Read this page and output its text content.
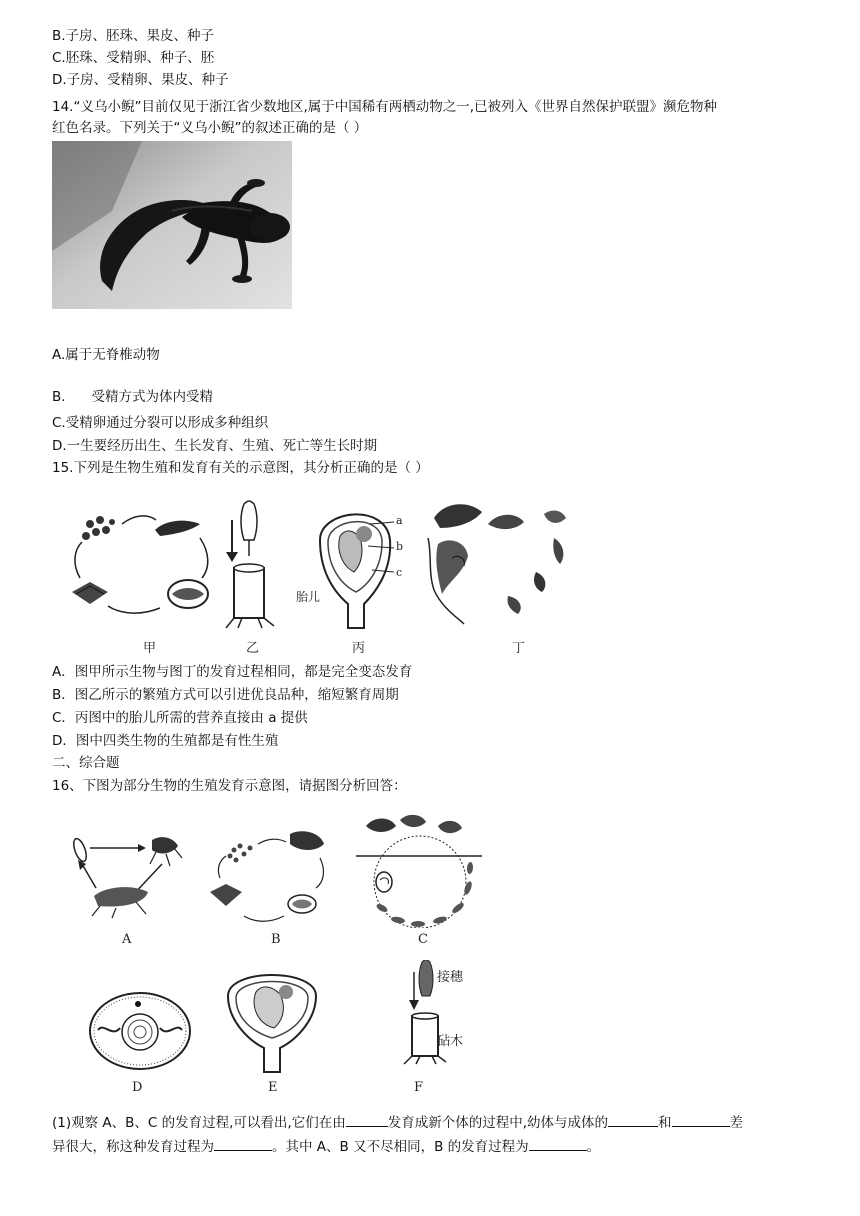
B.子房、胚珠、果皮、种子
C.胚珠、受精卵、种子、胚
D.子房、受精卵、果皮、种子
14.“义乌小鲵”目前仅见于浙江省少数地区,属于中国稀有两栖动物之一,已被列入《世界自然保护联盟》濒危物种
红色名录。下列关于“义乌小鲵”的叙述正确的是（ ）
A.属于无脊椎动物
B. 受精方式为体内受精
C.受精卵通过分裂可以形成多种组织
D.一生要经历出生、生长发育、生殖、死亡等生长时期
15.下列是生物生殖和发育有关的示意图，其分析正确的是（ ）
甲	乙
a
b
c
胎儿
丙	丁
A．图甲所示生物与图丁的发育过程相同，都是完全变态发育
B．图乙所示的繁殖方式可以引进优良品种，缩短繁育周期
C．丙图中的胎儿所需的营养直接由 a 提供
D．图中四类生物的生殖都是有性生殖
二、综合题
16、下图为部分生物的生殖发育示意图，请据图分析回答：
A	B	C
D	E
接穗
砧木
F
(1)观察 A、B、C 的发育过程,可以看出,它们在由	发育成新个体的过程中,幼体与成体的	和	差
异很大，称这种发育过程为	。其中 A、B 又不尽相同，B 的发育过程为	。
